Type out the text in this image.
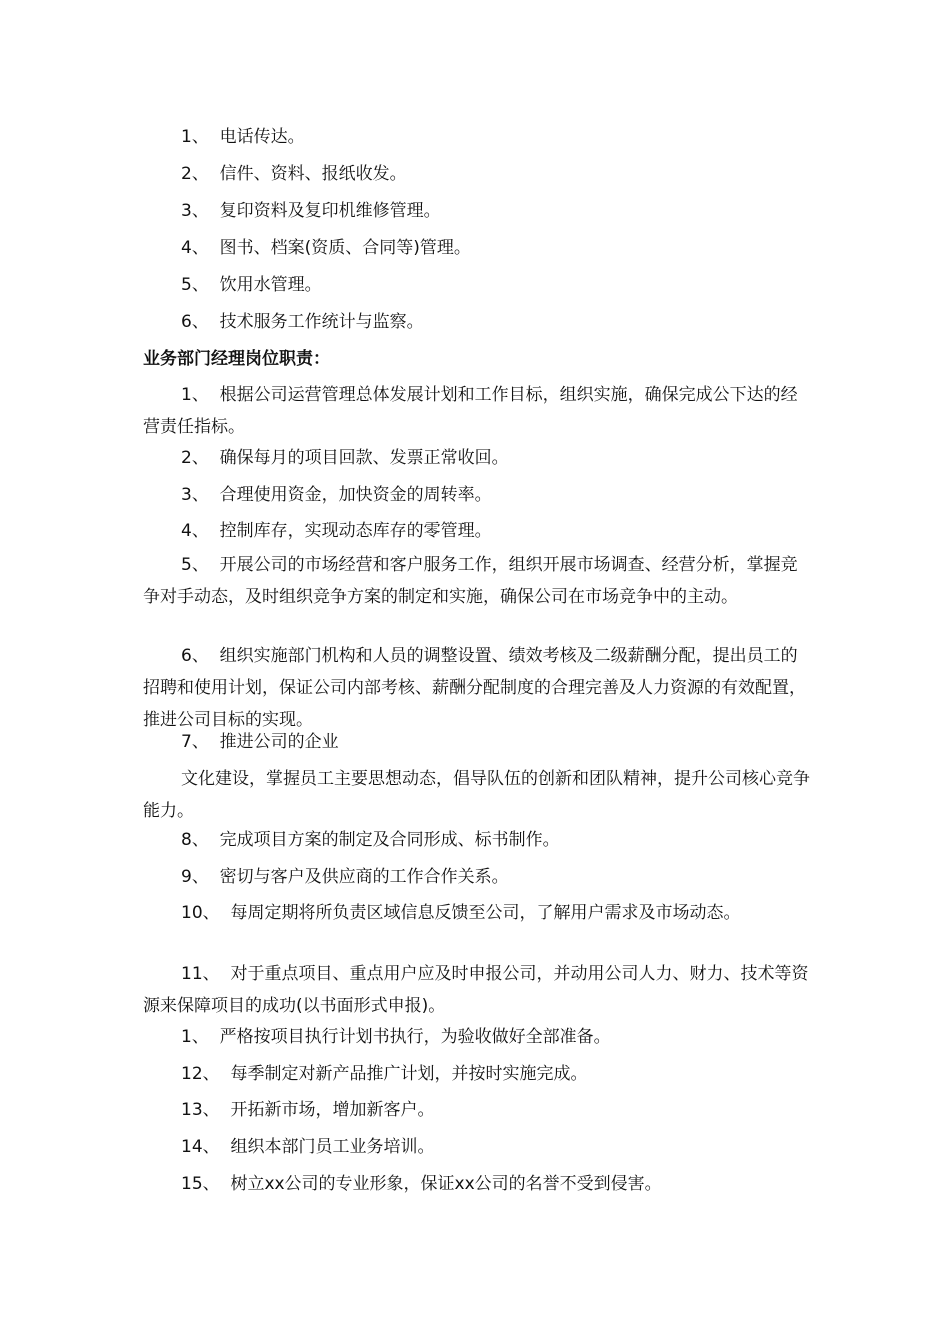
1、  电话传达。
2、  信件、资料、报纸收发。
3、  复印资料及复印机维修管理。
4、  图书、档案(资质、合同等)管理。
5、  饮用水管理。
6、  技术服务工作统计与监察。
业务部门经理岗位职责：
1、  根据公司运营管理总体发展计划和工作目标，组织实施，确保完成公下达的经营责任指标。
2、  确保每月的项目回款、发票正常收回。
3、  合理使用资金，加快资金的周转率。
4、  控制库存，实现动态库存的零管理。
5、  开展公司的市场经营和客户服务工作，组织开展市场调查、经营分析，掌握竞争对手动态，及时组织竞争方案的制定和实施，确保公司在市场竞争中的主动。
6、  组织实施部门机构和人员的调整设置、绩效考核及二级薪酬分配，提出员工的招聘和使用计划，保证公司内部考核、薪酬分配制度的合理完善及人力资源的有效配置，推进公司目标的实现。
7、  推进公司的企业
文化建设，掌握员工主要思想动态，倡导队伍的创新和团队精神，提升公司核心竞争能力。
8、  完成项目方案的制定及合同形成、标书制作。
9、  密切与客户及供应商的工作合作关系。
10、  每周定期将所负责区域信息反馈至公司，了解用户需求及市场动态。
11、  对于重点项目、重点用户应及时申报公司，并动用公司人力、财力、技术等资源来保障项目的成功(以书面形式申报)。
1、  严格按项目执行计划书执行，为验收做好全部准备。
12、  每季制定对新产品推广计划，并按时实施完成。
13、  开拓新市场，增加新客户。
14、  组织本部门员工业务培训。
15、  树立xx公司的专业形象，保证xx公司的名誉不受到侵害。
